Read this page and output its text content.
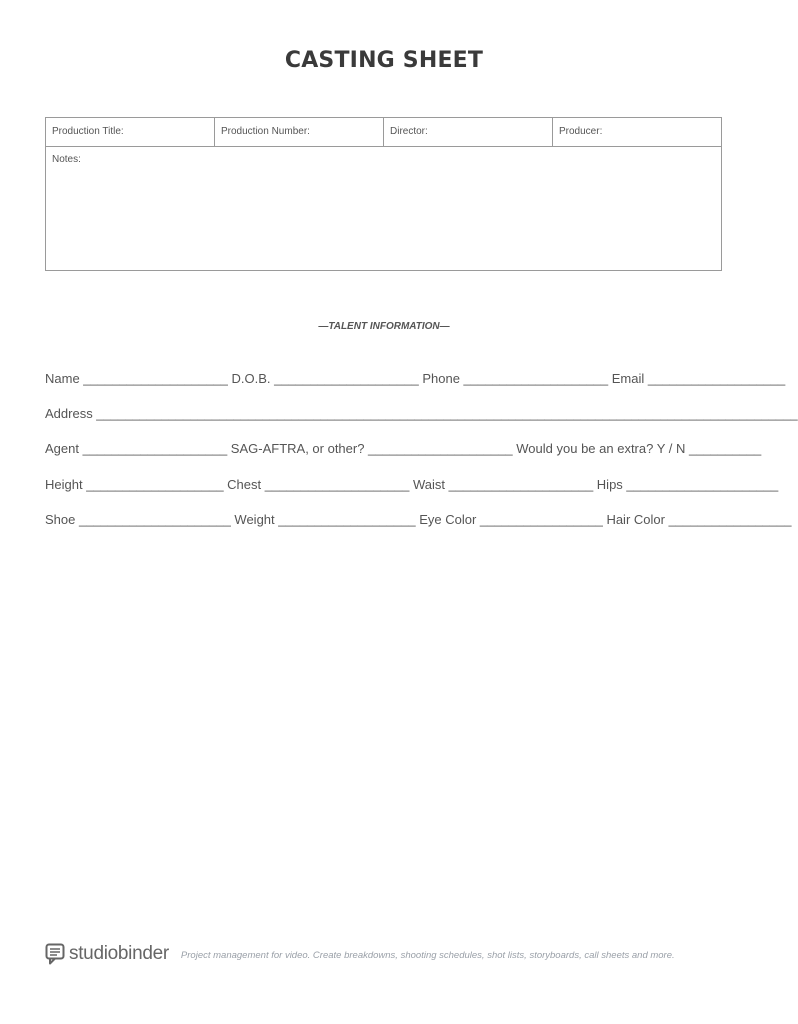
CASTING SHEET
Production Title:	Production Number:	Director:	Producer:
Notes:
—TALENT INFORMATION—
Name ____________________ D.O.B. ____________________ Phone ____________________ Email ___________________
Address _________________________________________________________________________________________________
Agent ____________________ SAG-AFTRA, or other? ____________________ Would you be an extra? Y / N __________
Height ___________________ Chest ____________________ Waist ____________________ Hips _____________________
Shoe _____________________ Weight ___________________ Eye Color _________________ Hair Color _________________
studiobinder Project management for video. Create breakdowns, shooting schedules, shot lists, storyboards, call sheets and more.
